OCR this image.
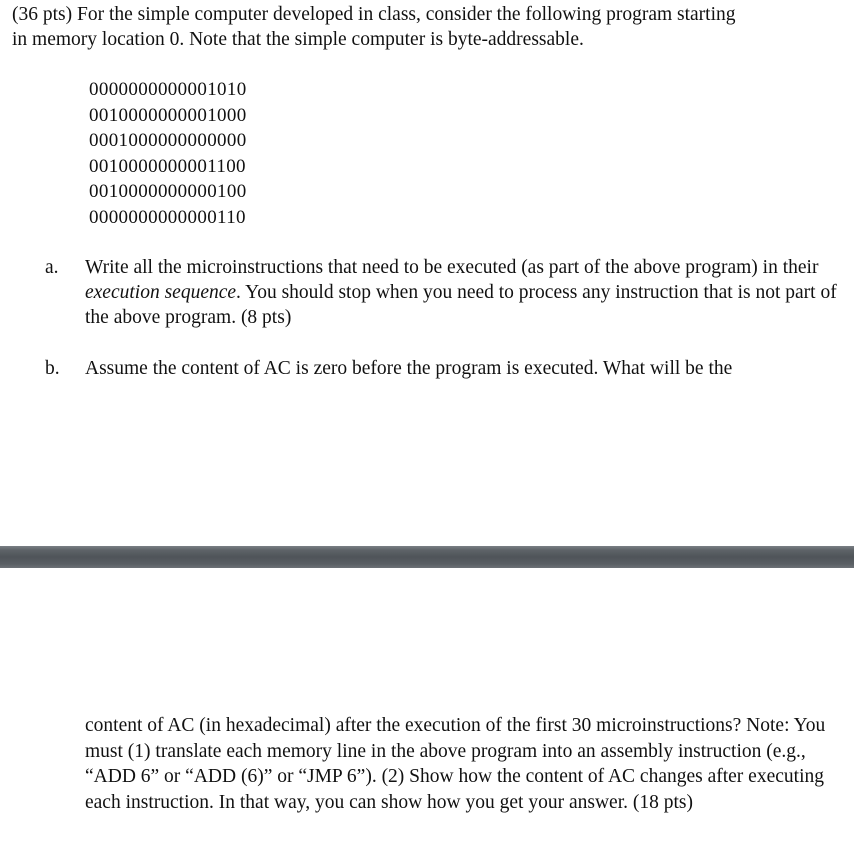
(36 pts) For the simple computer developed in class, consider the following program starting
in memory location 0. Note that the simple computer is byte-addressable.
0000000000001010
0010000000001000
0001000000000000
0010000000001100
0010000000000100
0000000000000110
a. Write all the microinstructions that need to be executed (as part of the above program) in their execution sequence. You should stop when you need to process any instruction that is not part of the above program. (8 pts)
b. Assume the content of AC is zero before the program is executed. What will be the
content of AC (in hexadecimal) after the execution of the first 30 microinstructions? Note: You must (1) translate each memory line in the above program into an assembly instruction (e.g., “ADD 6” or “ADD (6)” or “JMP 6”). (2) Show how the content of AC changes after executing each instruction. In that way, you can show how you get your answer. (18 pts)
